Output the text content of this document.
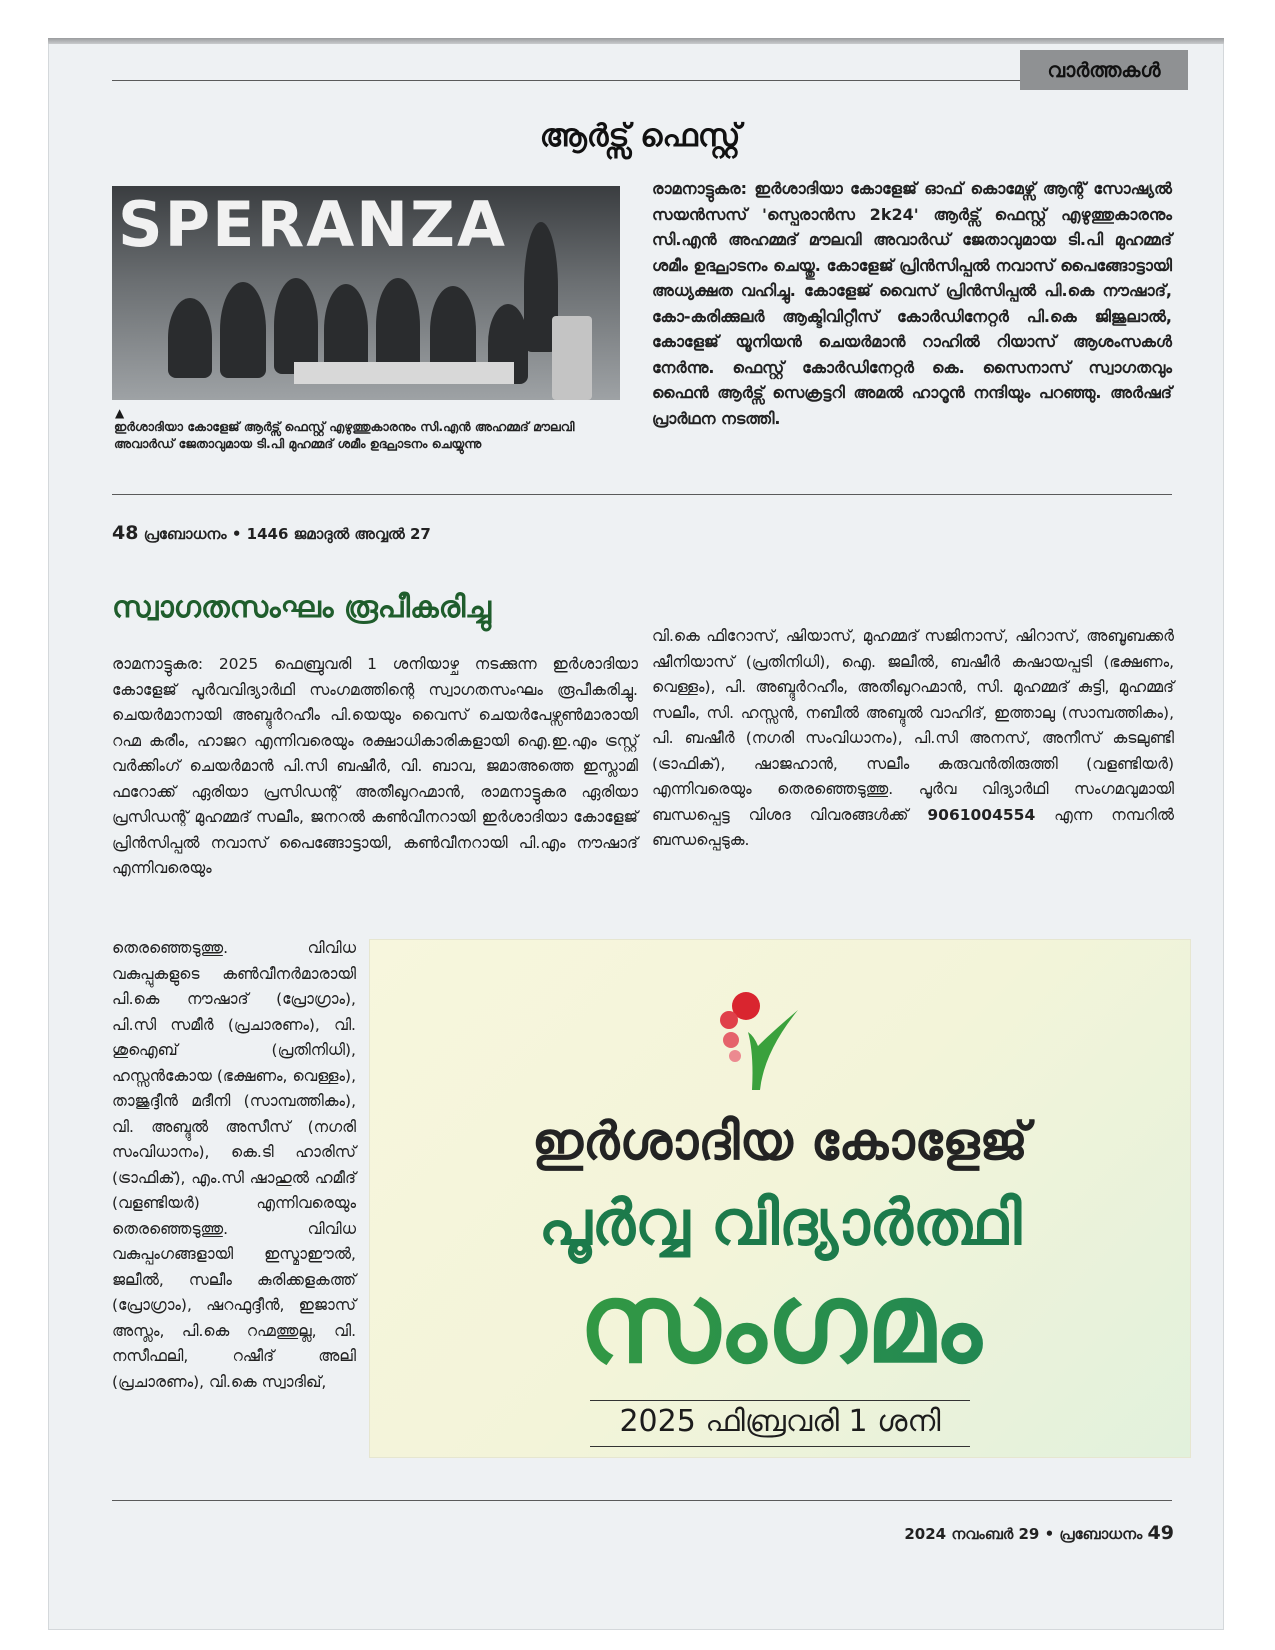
വാർത്തകൾ
ആർട്സ് ഫെസ്റ്റ്
SPERANZA
▲
ഇർശാദിയാ കോളേജ് ആർട്സ് ഫെസ്റ്റ് എഴുത്തുകാരനും സി.എൻ അഹമ്മദ് മൗലവി അവാർഡ് ജേതാവുമായ ടി.പി മുഹമ്മദ് ശമീം ഉദ്ഘാടനം ചെയ്യുന്നു
രാമനാട്ടുകര: ഇർശാദിയാ കോളേജ് ഓഫ് കൊമേഴ്സ് ആന്റ് സോഷ്യൽ സയൻസസ് 'സ്പെരാൻസ 2k24' ആർട്സ് ഫെസ്റ്റ് എഴുത്തുകാരനും സി.എൻ അഹമ്മദ് മൗലവി അവാർഡ് ജേതാവുമായ ടി.പി മുഹമ്മദ് ശമീം ഉദ്ഘാടനം ചെയ്തു. കോളേജ് പ്രിൻസിപ്പൽ നവാസ് പൈങ്ങോട്ടായി അധ്യക്ഷത വഹിച്ചു. കോളേജ് വൈസ് പ്രിൻസിപ്പൽ പി.കെ നൗഷാദ്, കോ-കരിക്കുലർ ആക്ടിവിറ്റീസ് കോർഡിനേറ്റർ പി.കെ ജിജുലാൽ, കോളേജ് യൂനിയൻ ചെയർമാൻ റാഹിൽ റിയാസ് ആശംസകൾ നേർന്നു. ഫെസ്റ്റ് കോർഡിനേറ്റർ കെ. സൈനാസ് സ്വാഗതവും ഫൈൻ ആർട്സ് സെക്രട്ടറി അമൽ ഹാറൂൻ നന്ദിയും പറഞ്ഞു. അർഷദ് പ്രാർഥന നടത്തി.
48 പ്രബോധനം • 1446 ജമാദുൽ അവ്വൽ 27
സ്വാഗതസംഘം രൂപീകരിച്ചു
രാമനാട്ടുകര: 2025 ഫെബ്രുവരി 1 ശനിയാഴ്ച നടക്കുന്ന ഇർശാദിയാ കോളേജ് പൂർവവിദ്യാർഥി സംഗമത്തിന്റെ സ്വാഗതസംഘം രൂപീകരിച്ചു. ചെയർമാനായി അബ്ദുർറഹീം പി.യെയും വൈസ് ചെയർപേഴ്സൺമാരായി റഹ്മ കരീം, ഹാജറ എന്നിവരെയും രക്ഷാധികാരികളായി ഐ.ഇ.എം ട്രസ്റ്റ് വർക്കിംഗ് ചെയർമാൻ പി.സി ബഷീർ, വി. ബാവ, ജമാഅത്തെ ഇസ്ലാമി ഫറോക്ക് ഏരിയാ പ്രസിഡന്റ് അതീഖുറഹ്മാൻ, രാമനാട്ടുകര ഏരിയാ പ്രസിഡന്റ് മുഹമ്മദ് സലീം, ജനറൽ കൺവീനറായി ഇർശാദിയാ കോളേജ് പ്രിൻസിപ്പൽ നവാസ് പൈങ്ങോട്ടായി, കൺവീനറായി പി.എം നൗഷാദ് എന്നിവരെയും
തെരഞ്ഞെടുത്തു. വിവിധ വകുപ്പുകളുടെ കൺവീനർമാരായി പി.കെ നൗഷാദ് (പ്രോഗ്രാം), പി.സി സമീർ (പ്രചാരണം), വി. ശുഐബ് (പ്രതിനിധി), ഹസ്സൻകോയ (ഭക്ഷണം, വെള്ളം), താജുദ്ദീൻ മദീനി (സാമ്പത്തികം), വി. അബ്ദുൽ അസീസ് (നഗരി സംവിധാനം), കെ.ടി ഹാരിസ് (ട്രാഫിക്), എം.സി ഷാഹുൽ ഹമീദ് (വളണ്ടിയർ) എന്നിവരെയും തെരഞ്ഞെടുത്തു. വിവിധ വകുപ്പംഗങ്ങളായി ഇസ്മാഈൽ, ജലീൽ, സലീം കുരിക്കളകത്ത് (പ്രോഗ്രാം), ഷറഫുദ്ദീൻ, ഇജാസ് അസ്ലം, പി.കെ റഹ്മത്തുല്ല, വി. നസീഫലി, റഷീദ് അലി (പ്രചാരണം), വി.കെ സ്വാദിഖ്,
വി.കെ ഫിറോസ്, ഷിയാസ്, മുഹമ്മദ് സജിനാസ്, ഷിറാസ്, അബൂബക്കർ ഷീനിയാസ് (പ്രതിനിധി), ഐ. ജലീൽ, ബഷീർ കഷായപ്പടി (ഭക്ഷണം, വെള്ളം), പി. അബ്ദുർറഹീം, അതീഖുറഹ്മാൻ, സി. മുഹമ്മദ് കുട്ടി, മുഹമ്മദ് സലീം, സി. ഹസ്സൻ, നബീൽ അബ്ദുൽ വാഹിദ്, ഇത്താലു (സാമ്പത്തികം), പി. ബഷീർ (നഗരി സംവിധാനം), പി.സി അനസ്, അനീസ് കടലുണ്ടി (ട്രാഫിക്), ഷാജഹാൻ, സലീം കരുവൻതിരുത്തി (വളണ്ടിയർ) എന്നിവരെയും തെരഞ്ഞെടുത്തു. പൂർവ വിദ്യാർഥി സംഗമവുമായി ബന്ധപ്പെട്ട വിശദ വിവരങ്ങൾക്ക് 9061004554 എന്ന നമ്പറിൽ ബന്ധപ്പെടുക.
ഇർശാദിയ കോളേജ്
പൂർവ്വ വിദ്യാർത്ഥി
സംഗമം
2025 ഫിബ്രവരി 1 ശനി
2024 നവംബർ 29 • പ്രബോധനം 49
